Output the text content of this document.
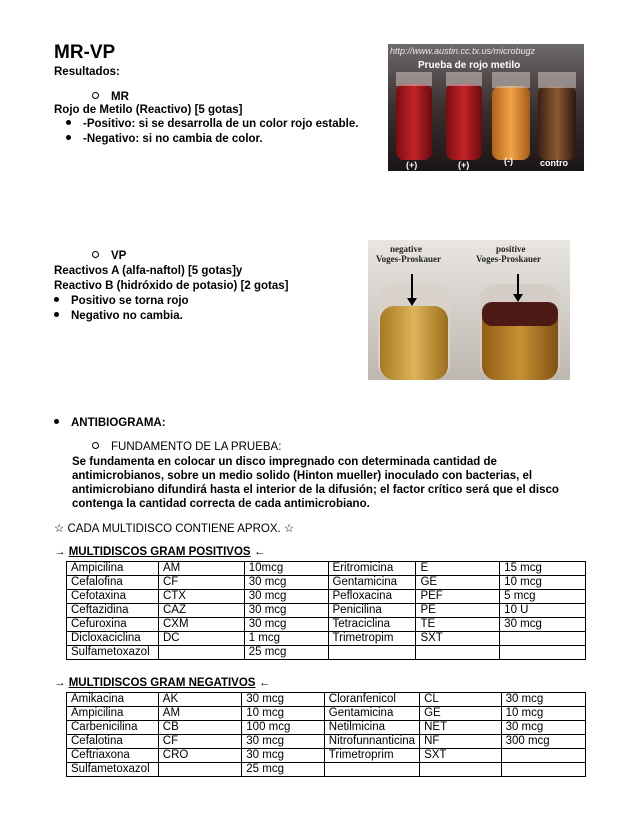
MR-VP
Resultados:
MR
Rojo de Metilo (Reactivo) [5 gotas]
-Positivo: si se desarrolla de un color rojo estable.
-Negativo: si no cambia de color.
http://www.austin.cc.tx.us/microbugz
Prueba de rojo metilo
(+)	(+)	(-)	contro
VP
Reactivos A (alfa-naftol) [5 gotas]y
Reactivo B (hidróxido de potasio) [2 gotas]
Positivo se torna rojo
Negativo no cambia.
negative
Voges-Proskauer
positive
Voges-Proskauer
ANTIBIOGRAMA:
FUNDAMENTO DE LA PRUEBA:
Se fundamenta en colocar un disco impregnado con determinada cantidad de
antimicrobianos, sobre un medio solido (Hinton mueller) inoculado con bacterias, el
antimicrobiano difundirá hasta el interior de la difusión; el factor crítico será que el disco
contenga la cantidad correcta de cada antimicrobiano.
☆ CADA MULTIDISCO CONTIENE APROX. ☆
→ MULTIDISCOS GRAM POSITIVOS ←
Ampicilina	AM	10mcg	Eritromicina	E	15 mcg
Cefalofina	CF	30 mcg	Gentamicina	GE	10 mcg
Cefotaxina	CTX	30 mcg	Pefloxacina	PEF	5 mcg
Ceftazidina	CAZ	30 mcg	Penicilina	PE	10 U
Cefuroxina	CXM	30 mcg	Tetraciclina	TE	30 mcg
Dicloxaciclina	DC	1 mcg	Trimetropim	SXT	
Sulfametoxazol		25 mcg			
→ MULTIDISCOS GRAM NEGATIVOS ←
Amikacina	AK	30 mcg	Cloranfenicol	CL	30 mcg
Ampicilina	AM	10 mcg	Gentamicina	GE	10 mcg
Carbenicilina	CB	100 mcg	Netilmicina	NET	30 mcg
Cefalotina	CF	30 mcg	Nitrofunnanticina	NF	300 mcg
Ceftriaxona	CRO	30 mcg	Trimetroprim	SXT	
Sulfametoxazol		25 mcg			
